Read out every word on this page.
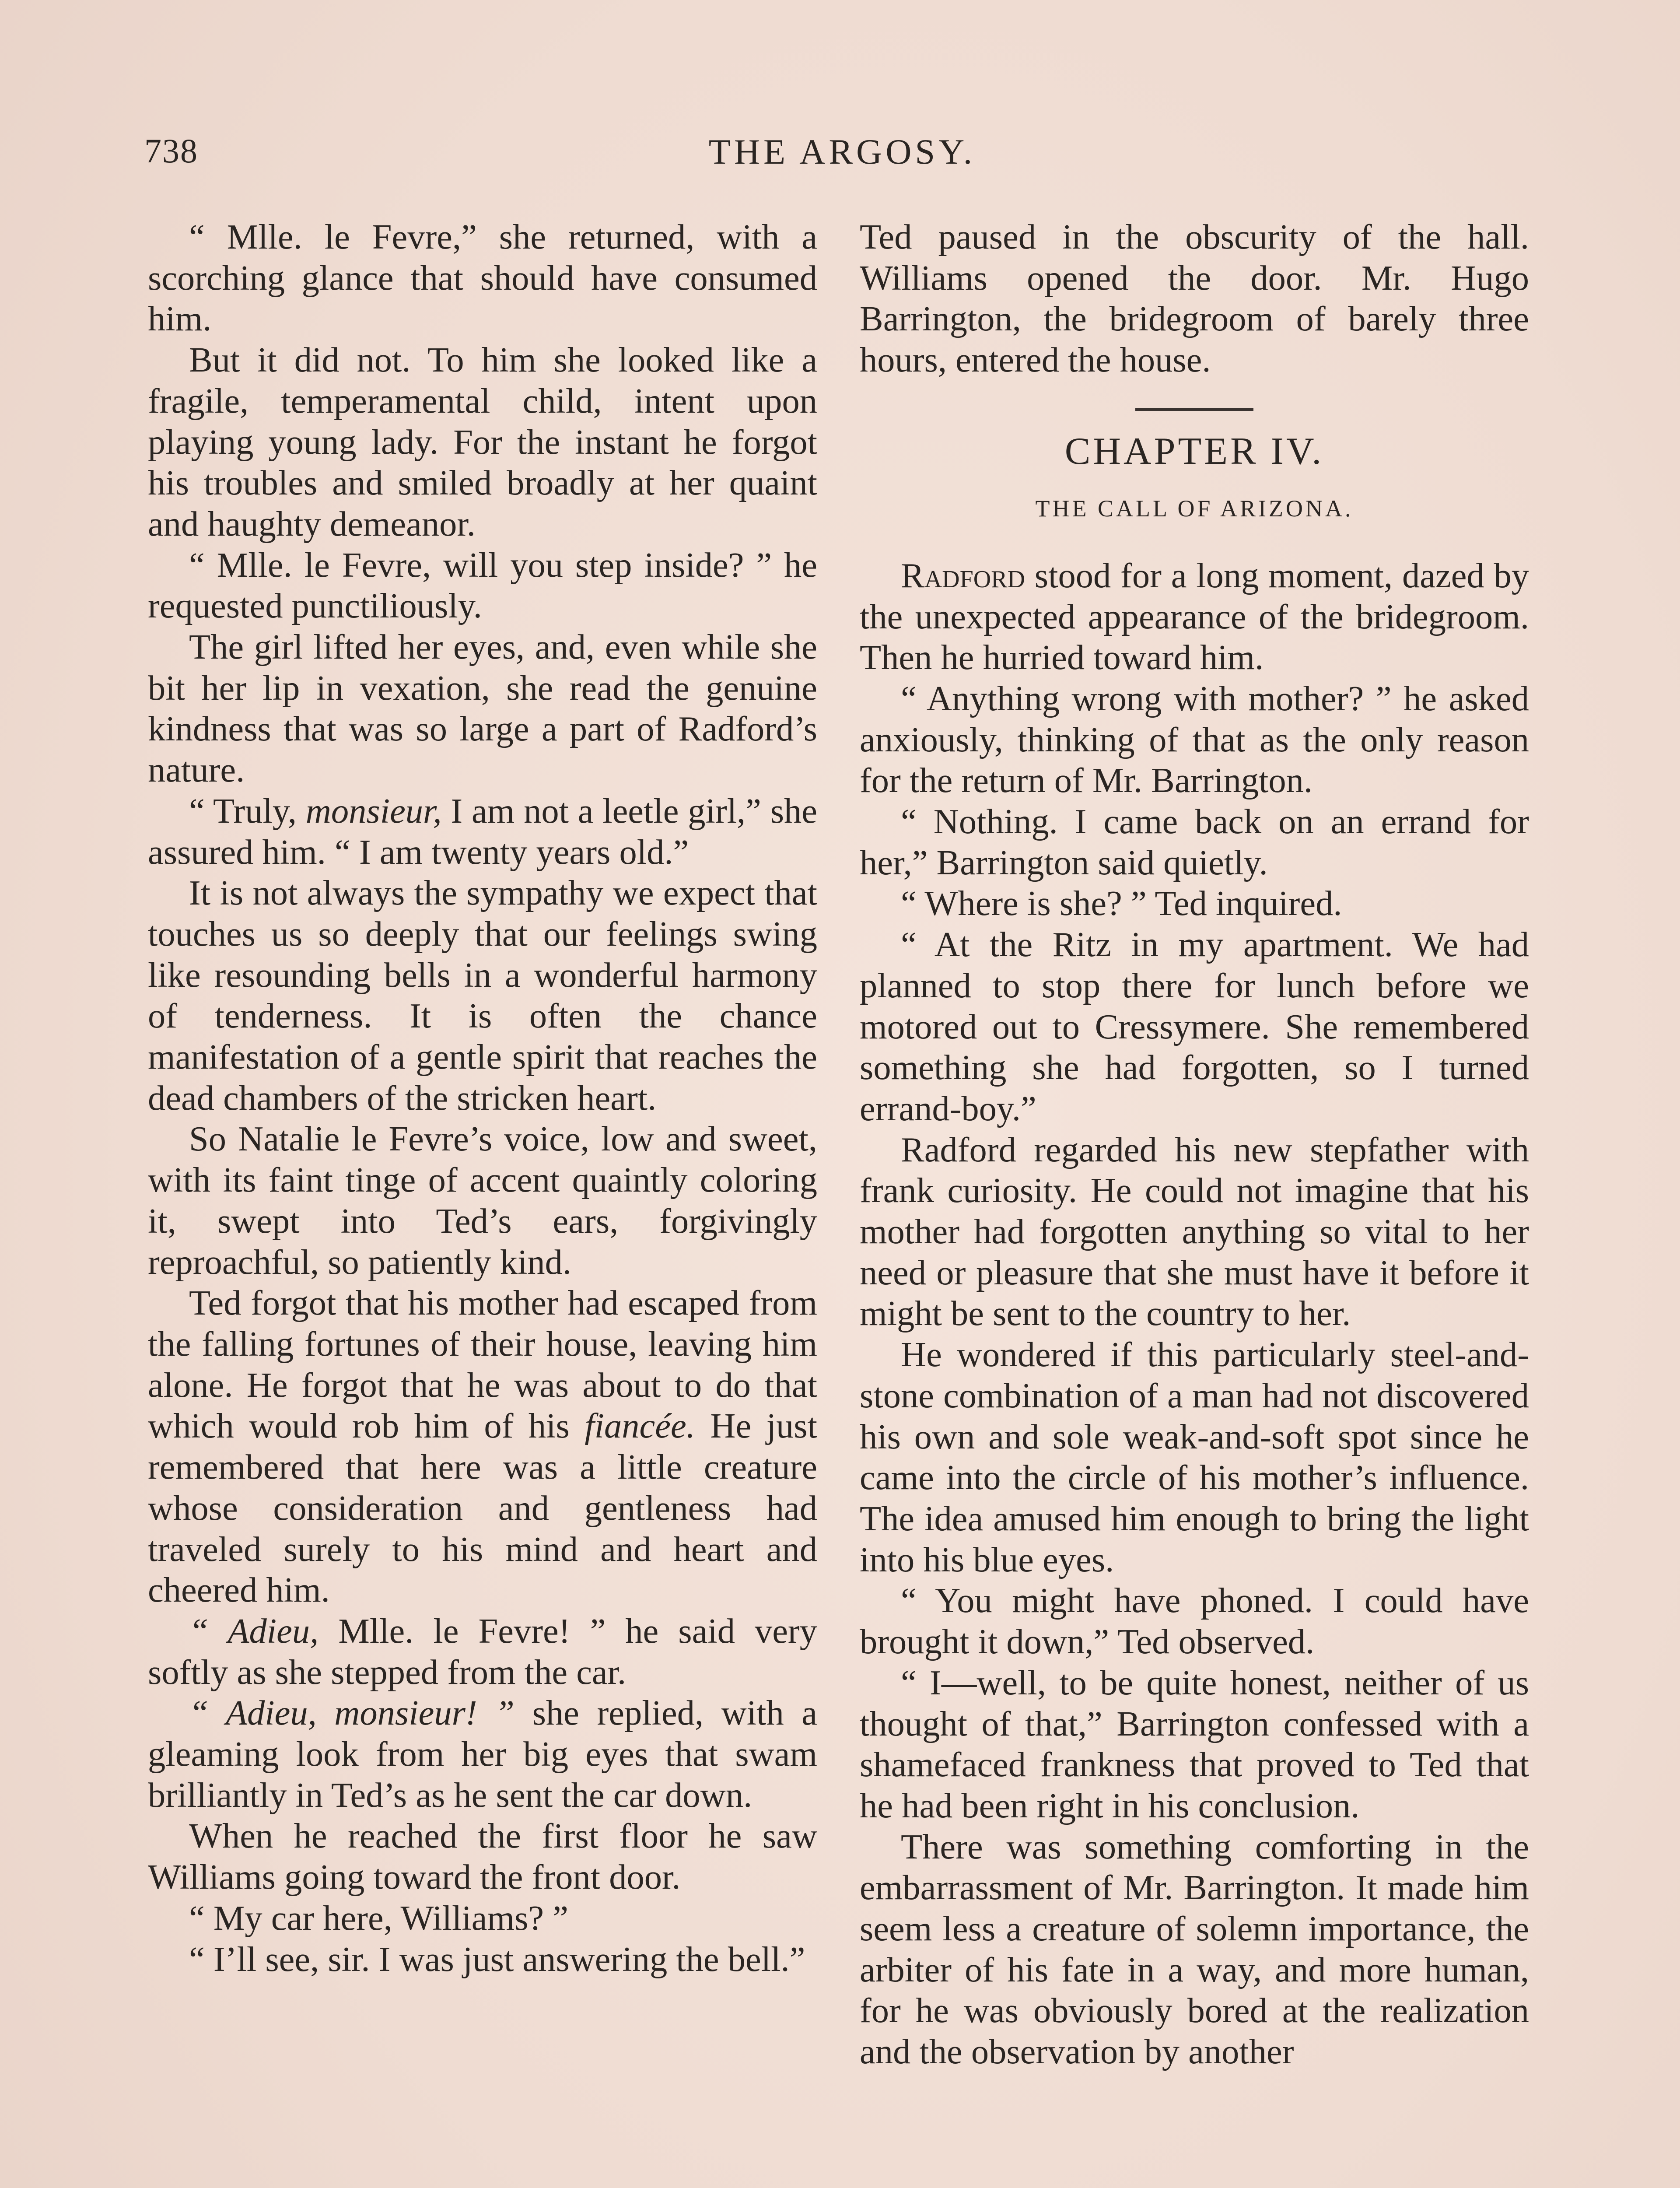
738	THE ARGOSY.

“ Mlle. le Fevre,” she returned, with a scorching glance that should have consumed him.

But it did not. To him she looked like a fragile, temperamental child, intent upon playing young lady. For the instant he forgot his troubles and smiled broadly at her quaint and haughty demeanor.

“ Mlle. le Fevre, will you step inside? ” he requested punctiliously.

The girl lifted her eyes, and, even while she bit her lip in vexation, she read the genuine kindness that was so large a part of Radford’s nature.

“ Truly, monsieur, I am not a leetle girl,” she assured him. “ I am twenty years old.”

It is not always the sympathy we expect that touches us so deeply that our feelings swing like resounding bells in a wonderful harmony of tenderness. It is often the chance manifestation of a gentle spirit that reaches the dead chambers of the stricken heart.

So Natalie le Fevre’s voice, low and sweet, with its faint tinge of accent quaintly coloring it, swept into Ted’s ears, forgivingly reproachful, so patiently kind.

Ted forgot that his mother had escaped from the falling fortunes of their house, leaving him alone. He forgot that he was about to do that which would rob him of his fiancée. He just remembered that here was a little creature whose consideration and gentleness had traveled surely to his mind and heart and cheered him.

“ Adieu, Mlle. le Fevre! ” he said very softly as she stepped from the car.

“ Adieu, monsieur! ” she replied, with a gleaming look from her big eyes that swam brilliantly in Ted’s as he sent the car down.

When he reached the first floor he saw Williams going toward the front door.

“ My car here, Williams? ”

“ I’ll see, sir. I was just answering the bell.”

Ted paused in the obscurity of the hall. Williams opened the door. Mr. Hugo Barrington, the bridegroom of barely three hours, entered the house.

CHAPTER IV.
THE CALL OF ARIZONA.

Radford stood for a long moment, dazed by the unexpected appearance of the bridegroom. Then he hurried toward him.

“ Anything wrong with mother? ” he asked anxiously, thinking of that as the only reason for the return of Mr. Barrington.

“ Nothing. I came back on an errand for her,” Barrington said quietly.

“ Where is she? ” Ted inquired.

“ At the Ritz in my apartment. We had planned to stop there for lunch before we motored out to Cressymere. She remembered something she had forgotten, so I turned errand-boy.”

Radford regarded his new stepfather with frank curiosity. He could not imagine that his mother had forgotten anything so vital to her need or pleasure that she must have it before it might be sent to the country to her.

He wondered if this particularly steel-and-stone combination of a man had not discovered his own and sole weak-and-soft spot since he came into the circle of his mother’s influence. The idea amused him enough to bring the light into his blue eyes.

“ You might have phoned. I could have brought it down,” Ted observed.

“ I—well, to be quite honest, neither of us thought of that,” Barrington confessed with a shamefaced frankness that proved to Ted that he had been right in his conclusion.

There was something comforting in the embarrassment of Mr. Barrington. It made him seem less a creature of solemn importance, the arbiter of his fate in a way, and more human, for he was obviously bored at the realization and the observation by another
